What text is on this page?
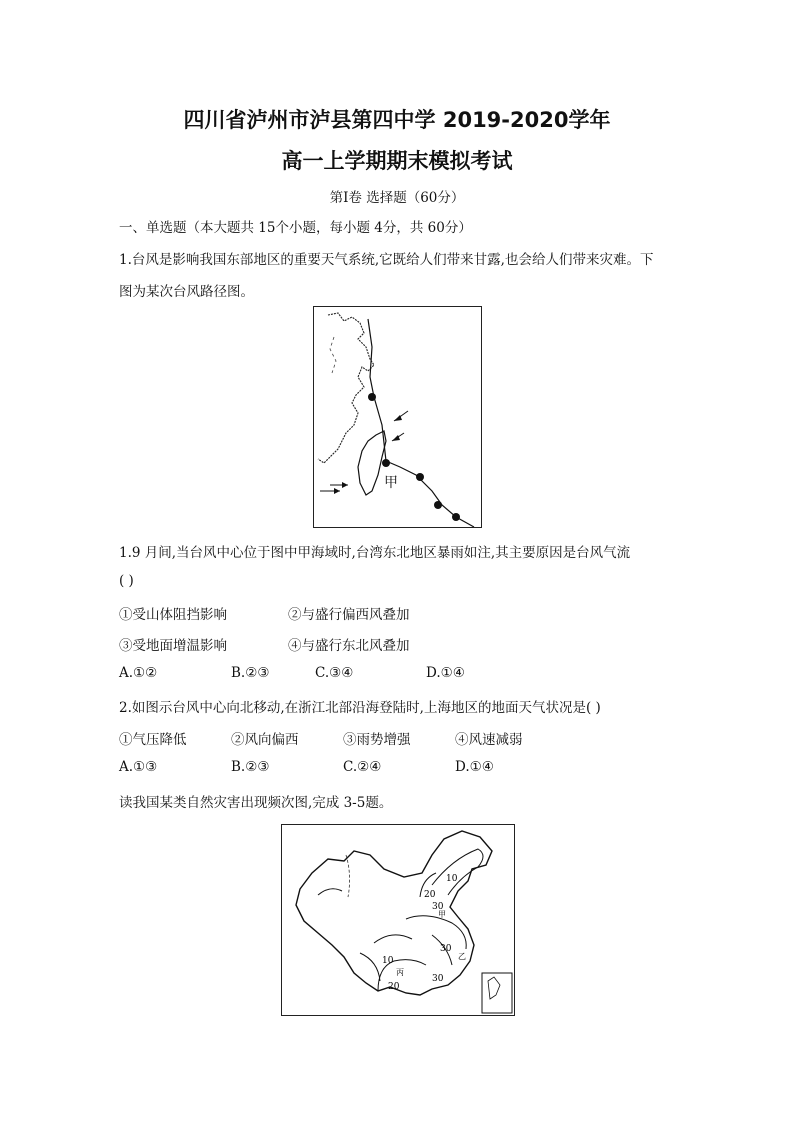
四川省泸州市泸县第四中学 2019-2020学年
高一上学期期末模拟考试
第Ⅰ卷 选择题（60分）
一、单选题（本大题共 15个小题，每小题 4分，共 60分）
1.台风是影响我国东部地区的重要天气系统,它既给人们带来甘露,也会给人们带来灾难。下
图为某次台风路径图。
甲
1.9 月间,当台风中心位于图中甲海域时,台湾东北地区暴雨如注,其主要原因是台风气流
( )
①受山体阻挡影响	②与盛行偏西风叠加
③受地面增温影响	④与盛行东北风叠加
A.①②	B.②③	C.③④	D.①④
2.如图示台风中心向北移动,在浙江北部沿海登陆时,上海地区的地面天气状况是( )
①气压降低	②风向偏西	③雨势增强	④风速减弱
A.①③	B.②③	C.②④	D.①④
读我国某类自然灾害出现频次图,完成 3-5题。
10
20
30
甲
10
20
30
30
乙
丙
